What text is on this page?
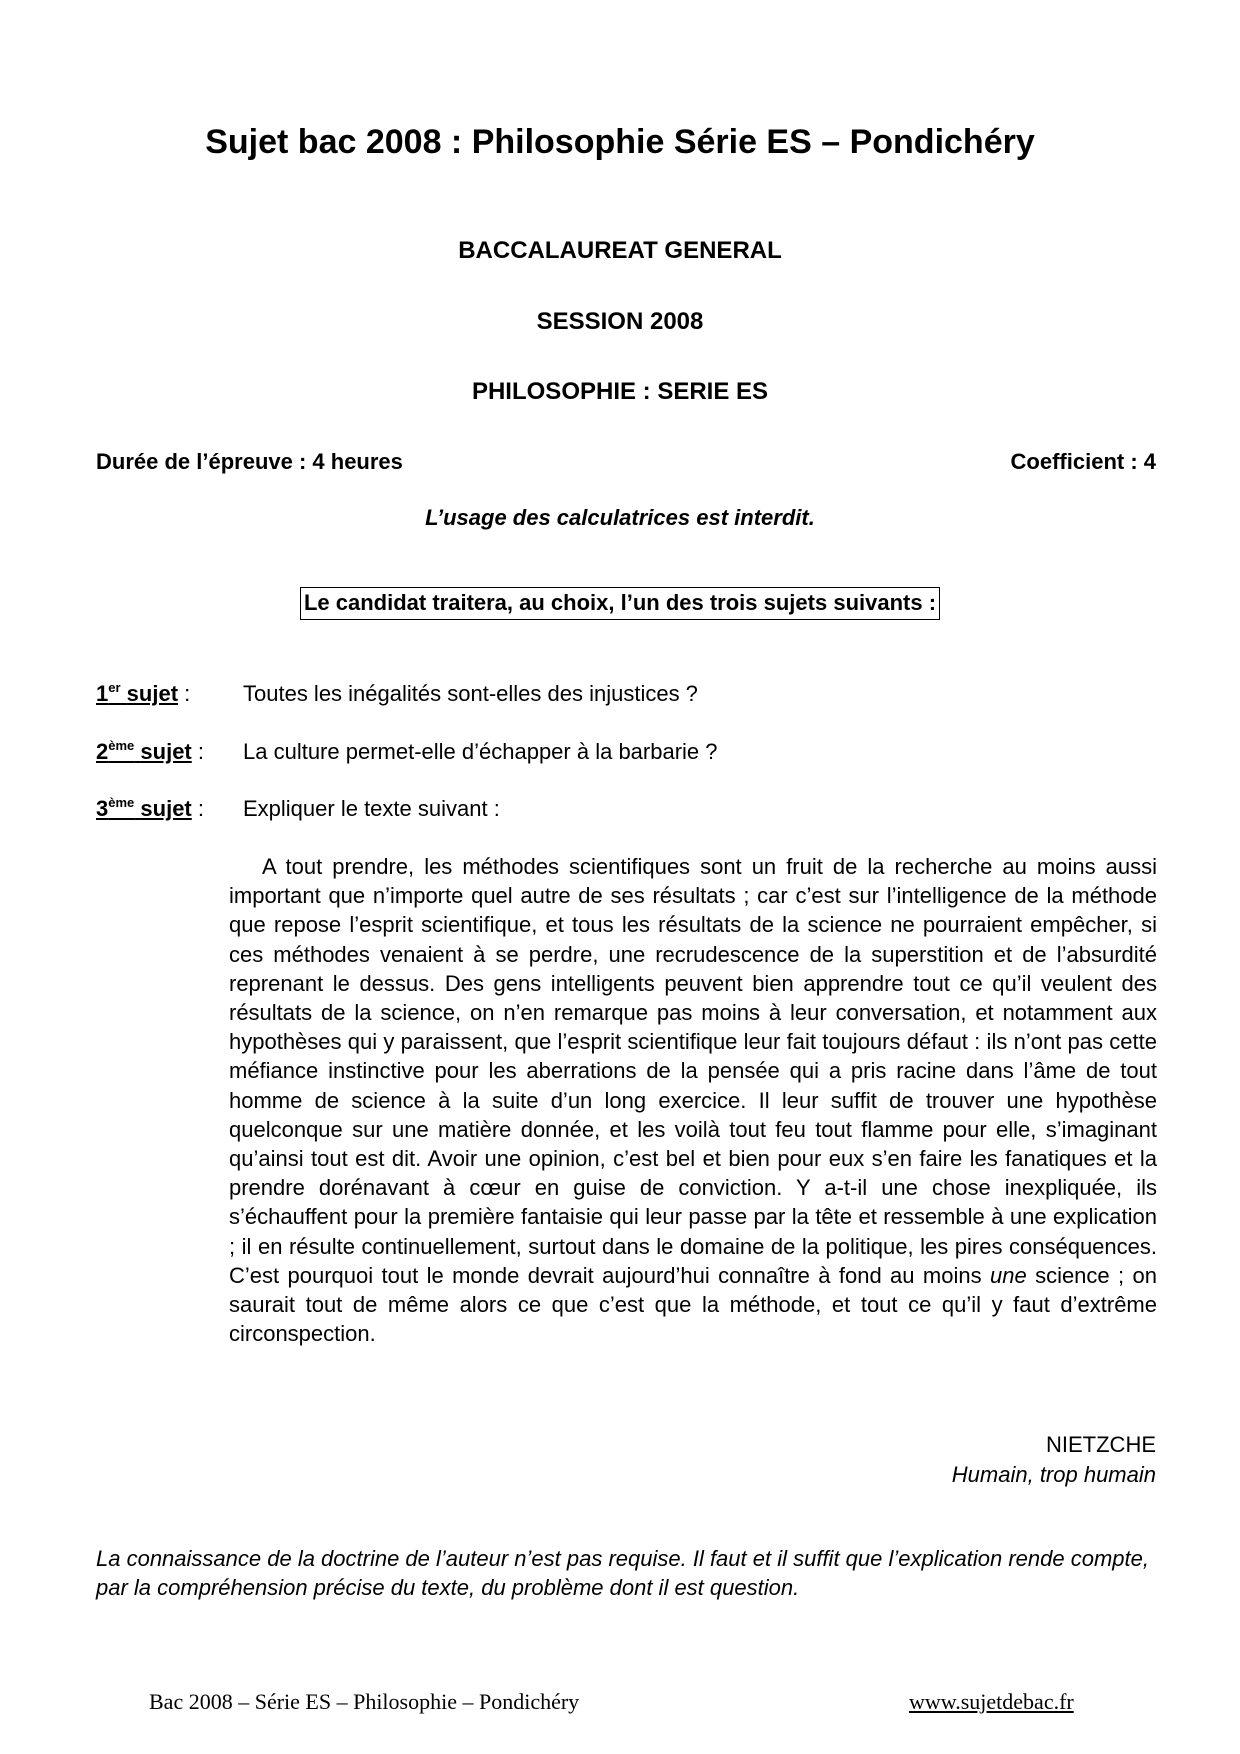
Sujet bac 2008 : Philosophie Série ES – Pondichéry
BACCALAUREAT GENERAL
SESSION 2008
PHILOSOPHIE : SERIE ES
Durée de l’épreuve : 4 heures	Coefficient : 4
L’usage des calculatrices est interdit.
Le candidat traitera, au choix, l’un des trois sujets suivants :
1er sujet : Toutes les inégalités sont-elles des injustices ?
2ème sujet : La culture permet-elle d’échapper à la barbarie ?
3ème sujet : Expliquer le texte suivant :

A tout prendre, les méthodes scientifiques sont un fruit de la recherche au moins aussi important que n’importe quel autre de ses résultats ; car c’est sur l’intelligence de la méthode que repose l’esprit scientifique, et tous les résultats de la science ne pourraient empêcher, si ces méthodes venaient à se perdre, une recrudescence de la superstition et de l’absurdité reprenant le dessus. Des gens intelligents peuvent bien apprendre tout ce qu’il veulent des résultats de la science, on n’en remarque pas moins à leur conversation, et notamment aux hypothèses qui y paraissent, que l’esprit scientifique leur fait toujours défaut : ils n’ont pas cette méfiance instinctive pour les aberrations de la pensée qui a pris racine dans l’âme de tout homme de science à la suite d’un long exercice. Il leur suffit de trouver une hypothèse quelconque sur une matière donnée, et les voilà tout feu tout flamme pour elle, s’imaginant qu’ainsi tout est dit. Avoir une opinion, c’est bel et bien pour eux s’en faire les fanatiques et la prendre dorénavant à cœur en guise de conviction. Y a-t-il une chose inexpliquée, ils s’échauffent pour la première fantaisie qui leur passe par la tête et ressemble à une explication ; il en résulte continuellement, surtout dans le domaine de la politique, les pires conséquences. C’est pourquoi tout le monde devrait aujourd’hui connaître à fond au moins une science ; on saurait tout de même alors ce que c’est que la méthode, et tout ce qu’il y faut d’extrême circonspection.

NIETZCHE
Humain, trop humain
La connaissance de la doctrine de l’auteur n’est pas requise. Il faut et il suffit que l’explication rende compte, par la compréhension précise du texte, du problème dont il est question.
Bac 2008 – Série ES – Philosophie – Pondichéry	www.sujetdebac.fr
